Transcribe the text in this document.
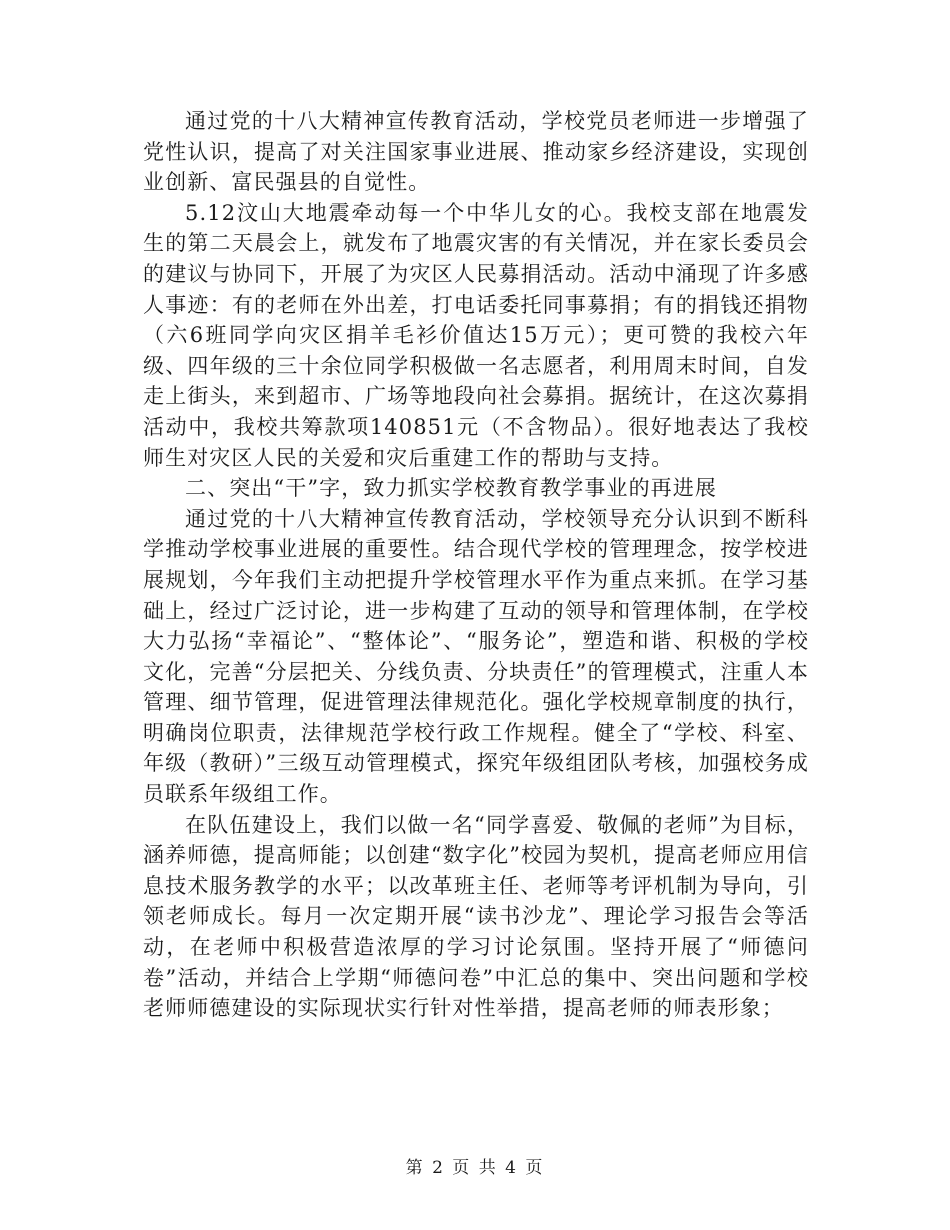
通过党的十八大精神宣传教育活动，学校党员老师进一步增强了党性认识，提高了对关注国家事业进展、推动家乡经济建设，实现创业创新、富民强县的自觉性。

5.12汶山大地震牵动每一个中华儿女的心。我校支部在地震发生的第二天晨会上，就发布了地震灾害的有关情况，并在家长委员会的建议与协同下，开展了为灾区人民募捐活动。活动中涌现了许多感人事迹：有的老师在外出差，打电话委托同事募捐；有的捐钱还捐物（六6班同学向灾区捐羊毛衫价值达15万元）；更可赞的我校六年级、四年级的三十余位同学积极做一名志愿者，利用周末时间，自发走上街头，来到超市、广场等地段向社会募捐。据统计，在这次募捐活动中，我校共筹款项140851元（不含物品）。很好地表达了我校师生对灾区人民的关爱和灾后重建工作的帮助与支持。

二、突出“干”字，致力抓实学校教育教学事业的再进展

通过党的十八大精神宣传教育活动，学校领导充分认识到不断科学推动学校事业进展的重要性。结合现代学校的管理理念，按学校进展规划，今年我们主动把提升学校管理水平作为重点来抓。在学习基础上，经过广泛讨论，进一步构建了互动的领导和管理体制，在学校大力弘扬“幸福论”、“整体论”、“服务论”，塑造和谐、积极的学校文化，完善“分层把关、分线负责、分块责任”的管理模式，注重人本管理、细节管理，促进管理法律规范化。强化学校规章制度的执行，明确岗位职责，法律规范学校行政工作规程。健全了“学校、科室、年级（教研）”三级互动管理模式，探究年级组团队考核，加强校务成员联系年级组工作。

在队伍建设上，我们以做一名“同学喜爱、敬佩的老师”为目标，涵养师德，提高师能；以创建“数字化”校园为契机，提高老师应用信息技术服务教学的水平；以改革班主任、老师等考评机制为导向，引领老师成长。每月一次定期开展“读书沙龙”、理论学习报告会等活动，在老师中积极营造浓厚的学习讨论氛围。坚持开展了“师德问卷”活动，并结合上学期“师德问卷”中汇总的集中、突出问题和学校老师师德建设的实际现状实行针对性举措，提高老师的师表形象；

第 2 页 共 4 页
